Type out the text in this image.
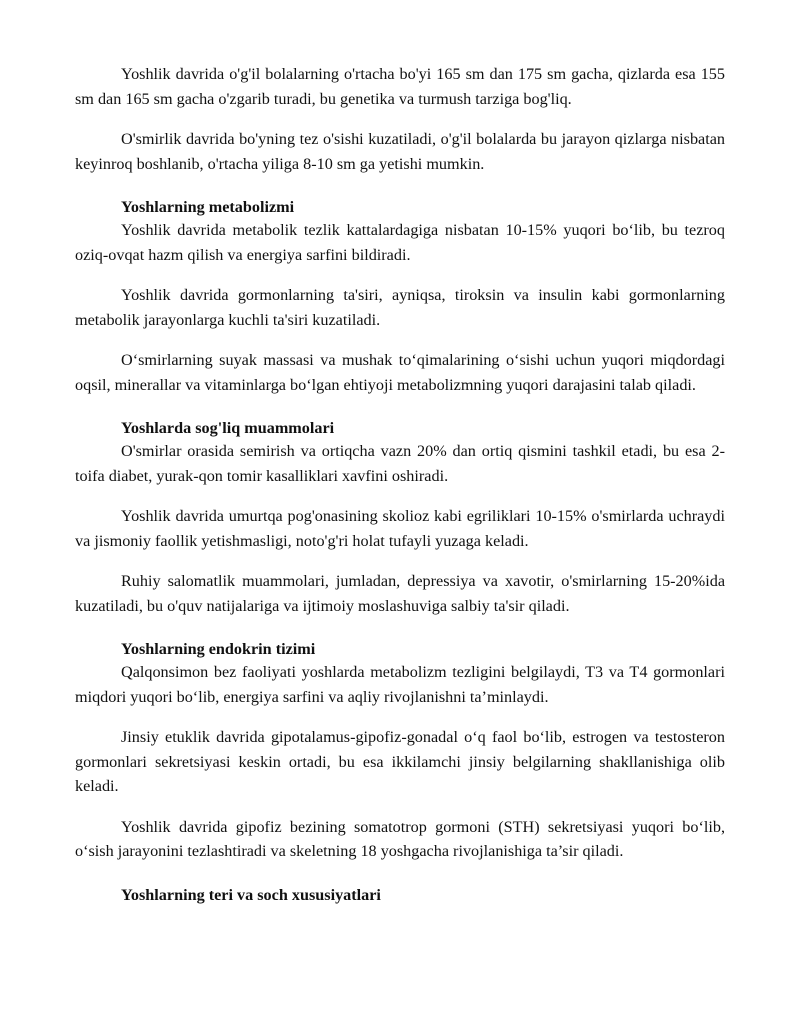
Yoshlik davrida o'g'il bolalarning o'rtacha bo'yi 165 sm dan 175 sm gacha, qizlarda esa 155 sm dan 165 sm gacha o'zgarib turadi, bu genetika va turmush tarziga bog'liq.

O'smirlik davrida bo'yning tez o'sishi kuzatiladi, o'g'il bolalarda bu jarayon qizlarga nisbatan keyinroq boshlanib, o'rtacha yiliga 8-10 sm ga yetishi mumkin.

Yoshlarning metabolizmi

Yoshlik davrida metabolik tezlik kattalardagiga nisbatan 10-15% yuqori bo‘lib, bu tezroq oziq-ovqat hazm qilish va energiya sarfini bildiradi.

Yoshlik davrida gormonlarning ta'siri, ayniqsa, tiroksin va insulin kabi gormonlarning metabolik jarayonlarga kuchli ta'siri kuzatiladi.

O‘smirlarning suyak massasi va mushak to‘qimalarining o‘sishi uchun yuqori miqdordagi oqsil, minerallar va vitaminlarga bo‘lgan ehtiyoji metabolizmning yuqori darajasini talab qiladi.

Yoshlarda sog'liq muammolari

O'smirlar orasida semirish va ortiqcha vazn 20% dan ortiq qismini tashkil etadi, bu esa 2-toifa diabet, yurak-qon tomir kasalliklari xavfini oshiradi.

Yoshlik davrida umurtqa pog'onasining skolioz kabi egriliklari 10-15% o'smirlarda uchraydi va jismoniy faollik yetishmasligi, noto'g'ri holat tufayli yuzaga keladi.

Ruhiy salomatlik muammolari, jumladan, depressiya va xavotir, o'smirlarning 15-20%ida kuzatiladi, bu o'quv natijalariga va ijtimoiy moslashuviga salbiy ta'sir qiladi.

Yoshlarning endokrin tizimi

Qalqonsimon bez faoliyati yoshlarda metabolizm tezligini belgilaydi, T3 va T4 gormonlari miqdori yuqori bo‘lib, energiya sarfini va aqliy rivojlanishni ta’minlaydi.

Jinsiy etuklik davrida gipotalamus-gipofiz-gonadal o‘q faol bo‘lib, estrogen va testosteron gormonlari sekretsiyasi keskin ortadi, bu esa ikkilamchi jinsiy belgilarning shakllanishiga olib keladi.

Yoshlik davrida gipofiz bezining somatotrop gormoni (STH) sekretsiyasi yuqori bo‘lib, o‘sish jarayonini tezlashtiradi va skeletning 18 yoshgacha rivojlanishiga ta’sir qiladi.

Yoshlarning teri va soch xususiyatlari
